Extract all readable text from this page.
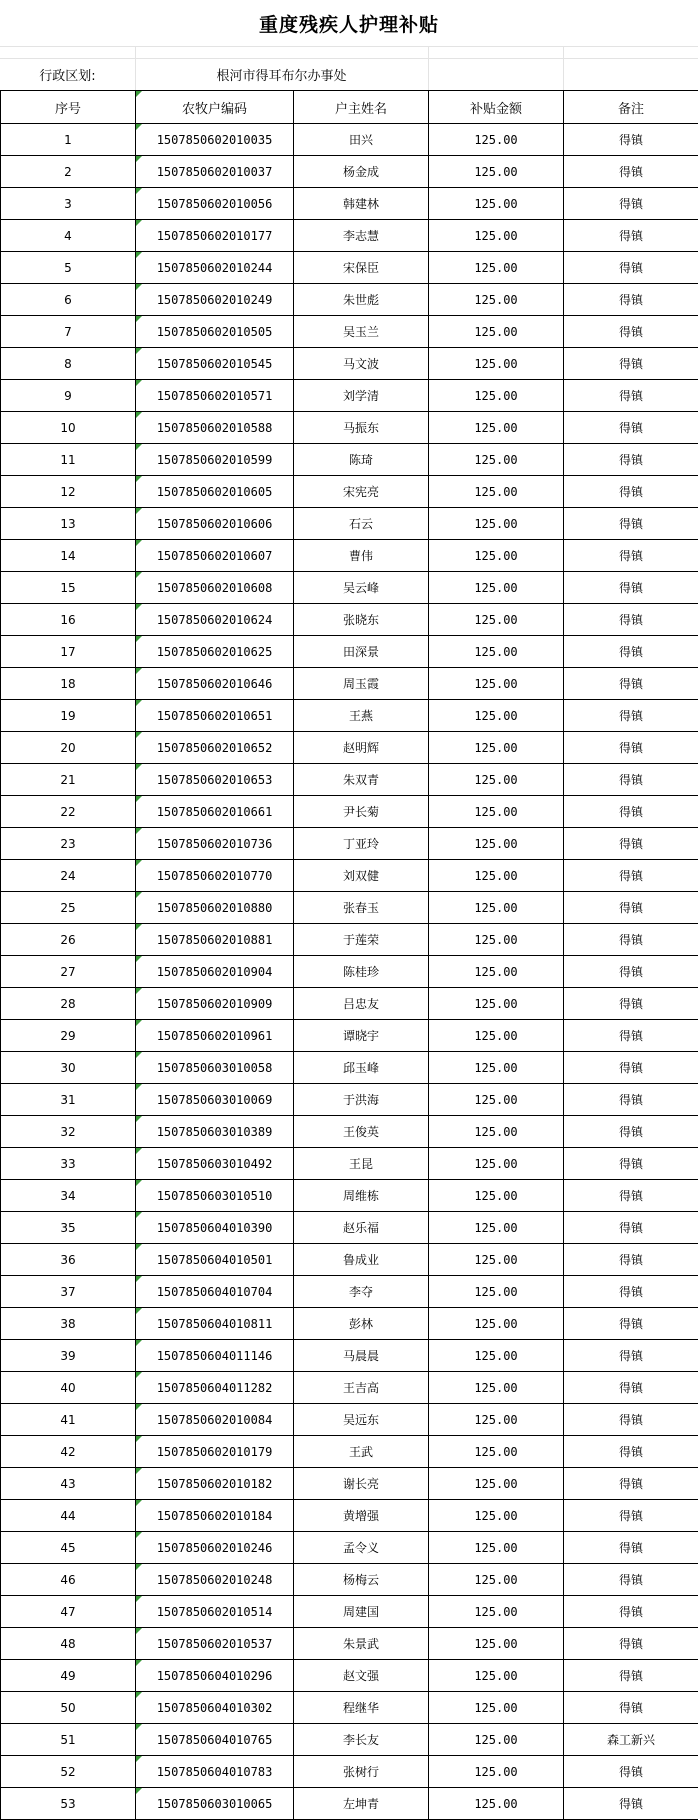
重度残疾人护理补贴
行政区划:	根河市得耳布尔办事处
序号	农牧户编码	户主姓名	补贴金额	备注
1	1507850602010035	田兴	125.00	得镇
2	1507850602010037	杨金成	125.00	得镇
3	1507850602010056	韩建林	125.00	得镇
4	1507850602010177	李志慧	125.00	得镇
5	1507850602010244	宋保臣	125.00	得镇
6	1507850602010249	朱世彪	125.00	得镇
7	1507850602010505	吴玉兰	125.00	得镇
8	1507850602010545	马文波	125.00	得镇
9	1507850602010571	刘学清	125.00	得镇
10	1507850602010588	马振东	125.00	得镇
11	1507850602010599	陈琦	125.00	得镇
12	1507850602010605	宋宪亮	125.00	得镇
13	1507850602010606	石云	125.00	得镇
14	1507850602010607	曹伟	125.00	得镇
15	1507850602010608	吴云峰	125.00	得镇
16	1507850602010624	张晓东	125.00	得镇
17	1507850602010625	田深景	125.00	得镇
18	1507850602010646	周玉霞	125.00	得镇
19	1507850602010651	王燕	125.00	得镇
20	1507850602010652	赵明辉	125.00	得镇
21	1507850602010653	朱双青	125.00	得镇
22	1507850602010661	尹长菊	125.00	得镇
23	1507850602010736	丁亚玲	125.00	得镇
24	1507850602010770	刘双健	125.00	得镇
25	1507850602010880	张春玉	125.00	得镇
26	1507850602010881	于莲荣	125.00	得镇
27	1507850602010904	陈桂珍	125.00	得镇
28	1507850602010909	吕忠友	125.00	得镇
29	1507850602010961	谭晓宇	125.00	得镇
30	1507850603010058	邱玉峰	125.00	得镇
31	1507850603010069	于洪海	125.00	得镇
32	1507850603010389	王俊英	125.00	得镇
33	1507850603010492	王昆	125.00	得镇
34	1507850603010510	周维栋	125.00	得镇
35	1507850604010390	赵乐福	125.00	得镇
36	1507850604010501	鲁成业	125.00	得镇
37	1507850604010704	李夺	125.00	得镇
38	1507850604010811	彭林	125.00	得镇
39	1507850604011146	马晨晨	125.00	得镇
40	1507850604011282	王吉高	125.00	得镇
41	1507850602010084	吴远东	125.00	得镇
42	1507850602010179	王武	125.00	得镇
43	1507850602010182	谢长亮	125.00	得镇
44	1507850602010184	黄增强	125.00	得镇
45	1507850602010246	孟令义	125.00	得镇
46	1507850602010248	杨梅云	125.00	得镇
47	1507850602010514	周建国	125.00	得镇
48	1507850602010537	朱景武	125.00	得镇
49	1507850604010296	赵文强	125.00	得镇
50	1507850604010302	程继华	125.00	得镇
51	1507850604010765	李长友	125.00	森工新兴
52	1507850604010783	张树行	125.00	得镇
53	1507850603010065	左坤青	125.00	得镇
